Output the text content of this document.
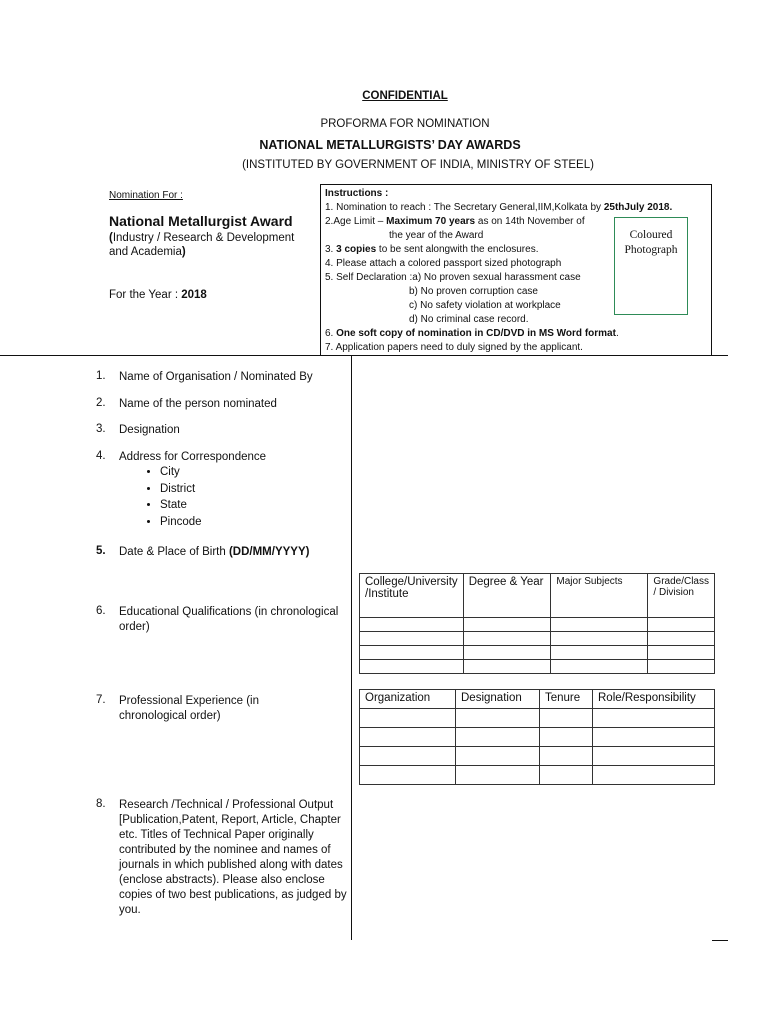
CONFIDENTIAL
PROFORMA FOR NOMINATION
NATIONAL METALLURGISTS’ DAY AWARDS
(INSTITUTED BY GOVERNMENT OF INDIA, MINISTRY OF STEEL)
Nomination For :
National Metallurgist Award
(Industry / Research & Development and Academia)
For the Year : 2018
Instructions :
1. Nomination to reach : The Secretary General,IIM,Kolkata by 25thJuly 2018.
2.Age Limit – Maximum 70 years as on 14th November of
the year of the Award
3. 3 copies to be sent alongwith the enclosures.
4. Please attach a colored passport sized photograph
5. Self Declaration :a) No proven sexual harassment case
b) No proven corruption case
c) No safety violation at workplace
d) No criminal case record.
6. One soft copy of nomination in CD/DVD in MS Word format.
7. Application papers need to duly signed by the applicant.
Coloured
Photograph
1. Name of Organisation / Nominated By
2. Name of the person nominated
3. Designation
4. Address for Correspondence
• City
• District
• State
• Pincode
5. Date & Place of Birth (DD/MM/YYYY)
6. Educational Qualifications (in chronological order)
7. Professional Experience (in chronological order)
8. Research /Technical / Professional Output [Publication,Patent, Report, Article, Chapter etc. Titles of Technical Paper originally contributed by the nominee and names of journals in which published along with dates (enclose abstracts). Please also enclose copies of two best publications, as judged by you.
College/University /Institute	Degree & Year	Major Subjects	Grade/Class / Division

Organization	Designation	Tenure	Role/Responsibility
